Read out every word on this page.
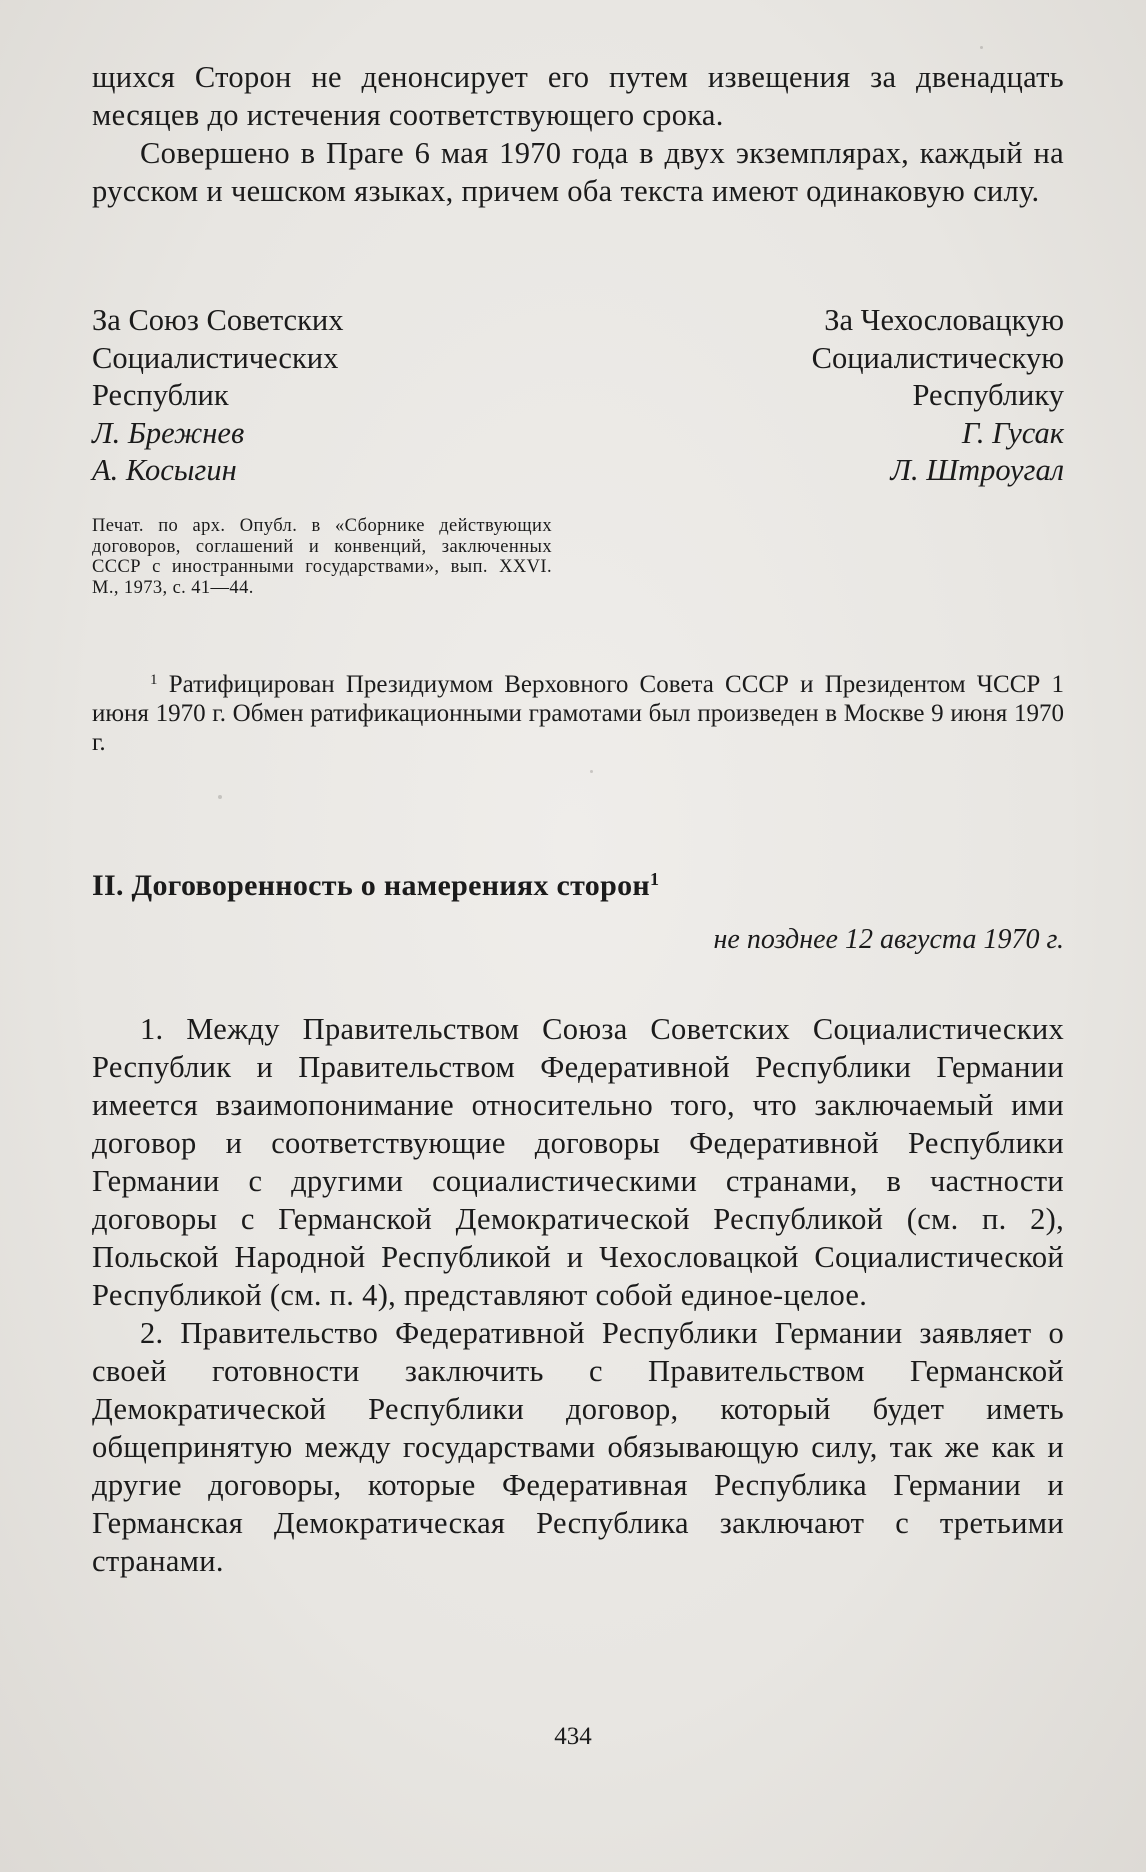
щихся Сторон не денонсирует его путем извещения за двенадцать месяцев до истечения соответствующего срока.

Совершено в Праге 6 мая 1970 года в двух экземплярах, каждый на русском и чешском языках, причем оба текста имеют одинаковую силу.

За Союз Советских
Социалистических
Республик
Л. Брежнев
А. Косыгин
За Чехословацкую
Социалистическую
Республику
Г. Гусак
Л. Штроугал

Печат. по арх. Опубл. в «Сборнике действующих договоров, соглашений и конвенций, заключенных СССР с иностранными государствами», вып. XXVI. М., 1973, с. 41—44.

$^1$ Ратифицирован Президиумом Верховного Совета СССР и Президентом ЧССР 1 июня 1970 г. Обмен ратификационными грамотами был произведен в Москве 9 июня 1970 г.

II. Договоренность о намерениях сторон$^1$
не позднее 12 августа 1970 г.

1. Между Правительством Союза Советских Социалистических Республик и Правительством Федеративной Республики Германии имеется взаимопонимание относительно того, что заключаемый ими договор и соответствующие договоры Федеративной Республики Германии с другими социалистическими странами, в частности договоры с Германской Демократической Республикой (см. п. 2), Польской Народной Республикой и Чехословацкой Социалистической Республикой (см. п. 4), представляют собой единое-целое.

2. Правительство Федеративной Республики Германии заявляет о своей готовности заключить с Правительством Германской Демократической Республики договор, который будет иметь общепринятую между государствами обязывающую силу, так же как и другие договоры, которые Федеративная Республика Германии и Германская Демократическая Республика заключают с третьими странами.

434
